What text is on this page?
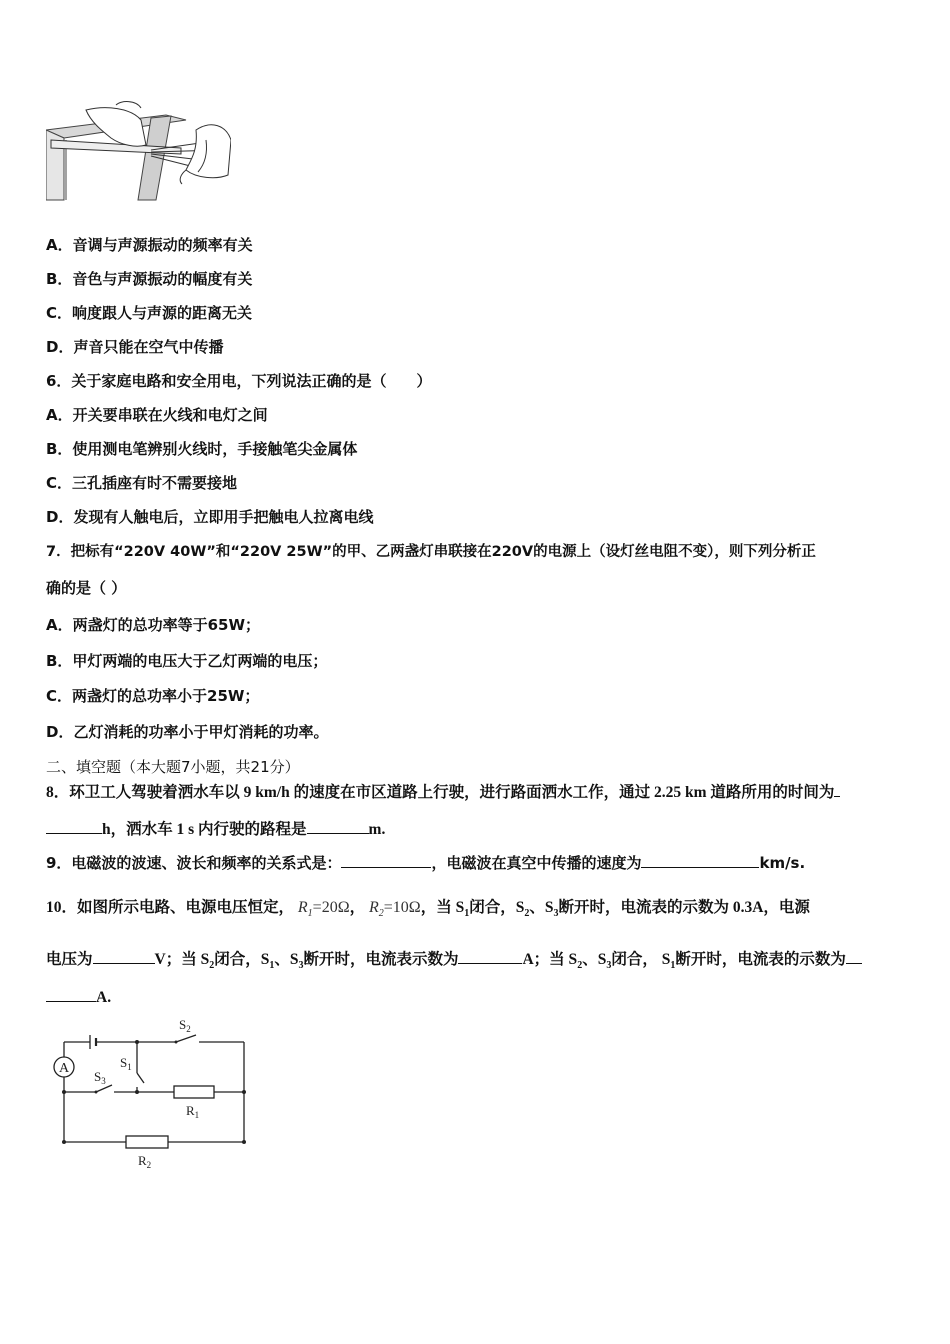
A．音调与声源振动的频率有关
B．音色与声源振动的幅度有关
C．响度跟人与声源的距离无关
D．声音只能在空气中传播
6．关于家庭电路和安全用电，下列说法正确的是（　　）
A．开关要串联在火线和电灯之间
B．使用测电笔辨别火线时，手接触笔尖金属体
C．三孔插座有时不需要接地
D．发现有人触电后，立即用手把触电人拉离电线
7．把标有“220V 40W”和“220V 25W”的甲、乙两盏灯串联接在220V的电源上（设灯丝电阻不变），则下列分析正
确的是（ ）
A．两盏灯的总功率等于65W；
B．甲灯两端的电压大于乙灯两端的电压；
C．两盏灯的总功率小于25W；
D．乙灯消耗的功率小于甲灯消耗的功率。
二、填空题（本大题7小题，共21分）
8．环卫工人驾驶着洒水车以 9 km/h 的速度在市区道路上行驶，进行路面洒水工作，通过 2.25 km 道路所用的时间为
h，洒水车 1 s 内行驶的路程是	m.
9．电磁波的波速、波长和频率的关系式是：	，电磁波在真空中传播的速度为	km/s.
10．如图所示电路、电源电压恒定， $R_1=20\Omega$， $R_2=10\Omega$，当 $S_1$闭合，$S_2$、$S_3$断开时，电流表的示数为 0.3A，电源
电压为	V；当 $S_2$闭合，$S_1$、$S_3$断开时，电流表示数为	A；当 $S_2$、$S_3$闭合， $S_1$断开时，电流表的示数为
A.
A
$S_2$
$S_1$
$S_3$
$R_1$
$R_2$
